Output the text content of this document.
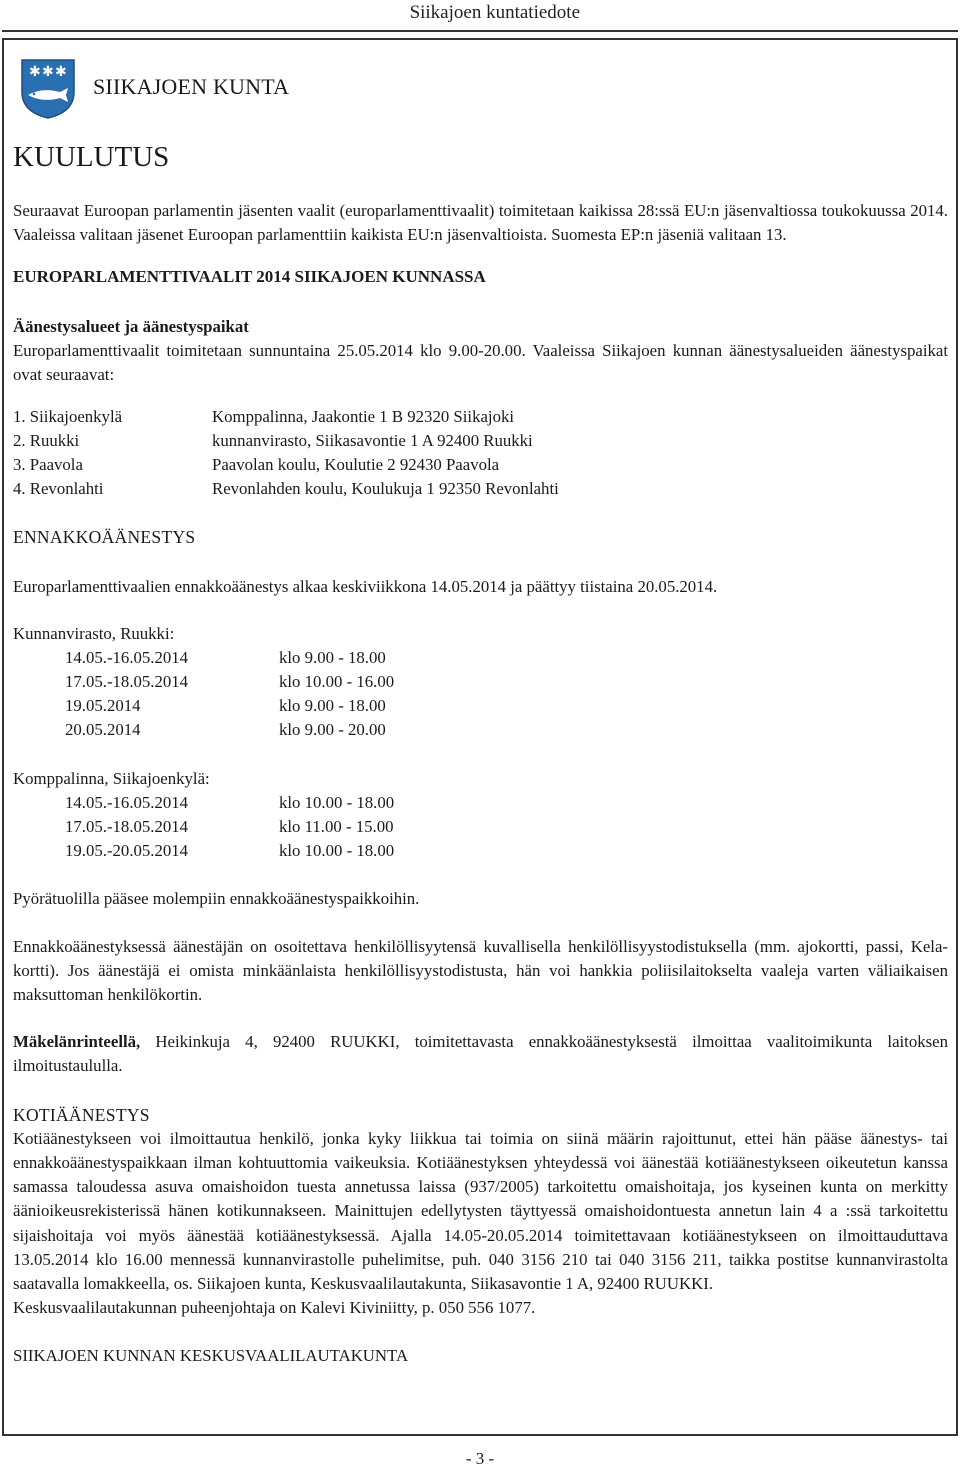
Siikajoen kuntatiedote
✱ ✱ ✱
SIIKAJOEN KUNTA
KUULUTUS

Seuraavat Euroopan parlamentin jäsenten vaalit (europarlamenttivaalit) toimitetaan kaikissa 28:ssä EU:n jäsenvaltiossa toukokuussa 2014. Vaaleissa valitaan jäsenet Euroopan parlamenttiin kaikista EU:n jäsenvaltioista. Suomesta EP:n jäseniä valitaan 13.

EUROPARLAMENTTIVAALIT 2014 SIIKAJOEN KUNNASSA
Äänestysalueet ja äänestyspaikat

Europarlamenttivaalit toimitetaan sunnuntaina 25.05.2014 klo 9.00-20.00. Vaaleissa Siikajoen kunnan äänestysalueiden äänestyspaikat ovat seuraavat:

1. Siikajoenkylä	Komppalinna, Jaakontie 1 B 92320 Siikajoki
2. Ruukki	kunnanvirasto, Siikasavontie 1 A 92400 Ruukki
3. Paavola	Paavolan koulu, Koulutie 2 92430 Paavola
4. Revonlahti	Revonlahden koulu, Koulukuja 1 92350 Revonlahti
ENNAKKOÄÄNESTYS

Europarlamenttivaalien ennakkoäänestys alkaa keskiviikkona 14.05.2014 ja päättyy tiistaina 20.05.2014.

Kunnanvirasto, Ruukki:
14.05.-16.05.2014	klo 9.00 - 18.00
17.05.-18.05.2014	klo 10.00 - 16.00
19.05.2014	klo 9.00 - 18.00
20.05.2014	klo 9.00 - 20.00
Komppalinna, Siikajoenkylä:
14.05.-16.05.2014	klo 10.00 - 18.00
17.05.-18.05.2014	klo 11.00 - 15.00
19.05.-20.05.2014	klo 10.00 - 18.00

Pyörätuolilla pääsee molempiin ennakkoäänestyspaikkoihin.

Ennakkoäänestyksessä äänestäjän on osoitettava henkilöllisyytensä kuvallisella henkilöllisyystodistuksella (mm. ajokortti, passi, Kela-kortti). Jos äänestäjä ei omista minkäänlaista henkilöllisyystodistusta, hän voi hankkia poliisilaitokselta vaaleja varten väliaikaisen maksuttoman henkilökortin.

Mäkelänrinteellä, Heikinkuja 4, 92400 RUUKKI, toimitettavasta ennakkoäänestyksestä ilmoittaa vaalitoimikunta laitoksen ilmoitustaululla.

KOTIÄÄNESTYS

Kotiäänestykseen voi ilmoittautua henkilö, jonka kyky liikkua tai toimia on siinä määrin rajoittunut, ettei hän pääse äänestys- tai ennakkoäänestyspaikkaan ilman kohtuuttomia vaikeuksia. Kotiäänestyksen yhteydessä voi äänestää kotiäänestykseen oikeutetun kanssa samassa taloudessa asuva omaishoidon tuesta annetussa laissa (937/2005) tarkoitettu omaishoitaja, jos kyseinen kunta on merkitty äänioikeusrekisterissä hänen kotikunnakseen. Mainittujen edellytysten täyttyessä omaishoidontuesta annetun lain 4 a :ssä tarkoitettu sijaishoitaja voi myös äänestää kotiäänestyksessä. Ajalla 14.05-20.05.2014 toimitettavaan kotiäänestykseen on ilmoittauduttava 13.05.2014 klo 16.00 mennessä kunnanvirastolle puhelimitse, puh. 040 3156 210 tai 040 3156 211, taikka postitse kunnanvirastolta saatavalla lomakkeella, os. Siikajoen kunta, Keskusvaalilautakunta, Siikasavontie 1 A, 92400 RUUKKI.

Keskusvaalilautakunnan puheenjohtaja on Kalevi Kiviniitty, p. 050 556 1077.

SIIKAJOEN KUNNAN KESKUSVAALILAUTAKUNTA
- 3 -
